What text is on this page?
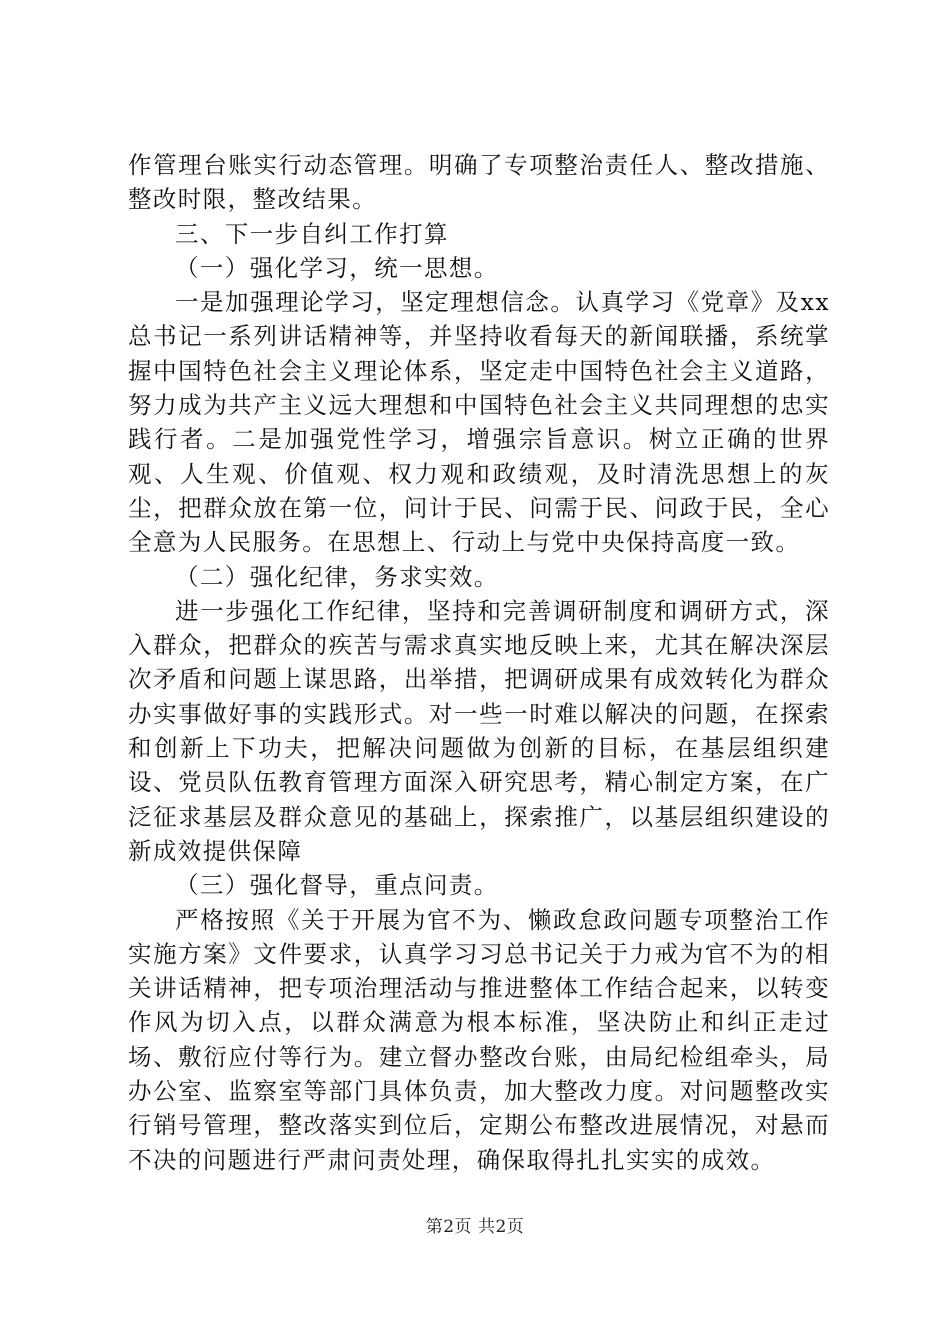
作管理台账实行动态管理。明确了专项整治责任人、整改措施、整改时限，整改结果。

三、下一步自纠工作打算

（一）强化学习，统一思想。

一是加强理论学习，坚定理想信念。认真学习《党章》及xx总书记一系列讲话精神等，并坚持收看每天的新闻联播，系统掌握中国特色社会主义理论体系，坚定走中国特色社会主义道路，努力成为共产主义远大理想和中国特色社会主义共同理想的忠实践行者。二是加强党性学习，增强宗旨意识。树立正确的世界观、人生观、价值观、权力观和政绩观，及时清洗思想上的灰尘，把群众放在第一位，问计于民、问需于民、问政于民，全心全意为人民服务。在思想上、行动上与党中央保持高度一致。

（二）强化纪律，务求实效。

进一步强化工作纪律，坚持和完善调研制度和调研方式，深入群众，把群众的疾苦与需求真实地反映上来，尤其在解决深层次矛盾和问题上谋思路，出举措，把调研成果有成效转化为群众办实事做好事的实践形式。对一些一时难以解决的问题，在探索和创新上下功夫，把解决问题做为创新的目标，在基层组织建设、党员队伍教育管理方面深入研究思考，精心制定方案，在广泛征求基层及群众意见的基础上，探索推广，以基层组织建设的新成效提供保障

（三）强化督导，重点问责。

严格按照《关于开展为官不为、懒政怠政问题专项整治工作实施方案》文件要求，认真学习习总书记关于力戒为官不为的相关讲话精神，把专项治理活动与推进整体工作结合起来，以转变作风为切入点，以群众满意为根本标准，坚决防止和纠正走过场、敷衍应付等行为。建立督办整改台账，由局纪检组牵头，局办公室、监察室等部门具体负责，加大整改力度。对问题整改实行销号管理，整改落实到位后，定期公布整改进展情况，对悬而不决的问题进行严肃问责处理，确保取得扎扎实实的成效。

第2页 共2页
